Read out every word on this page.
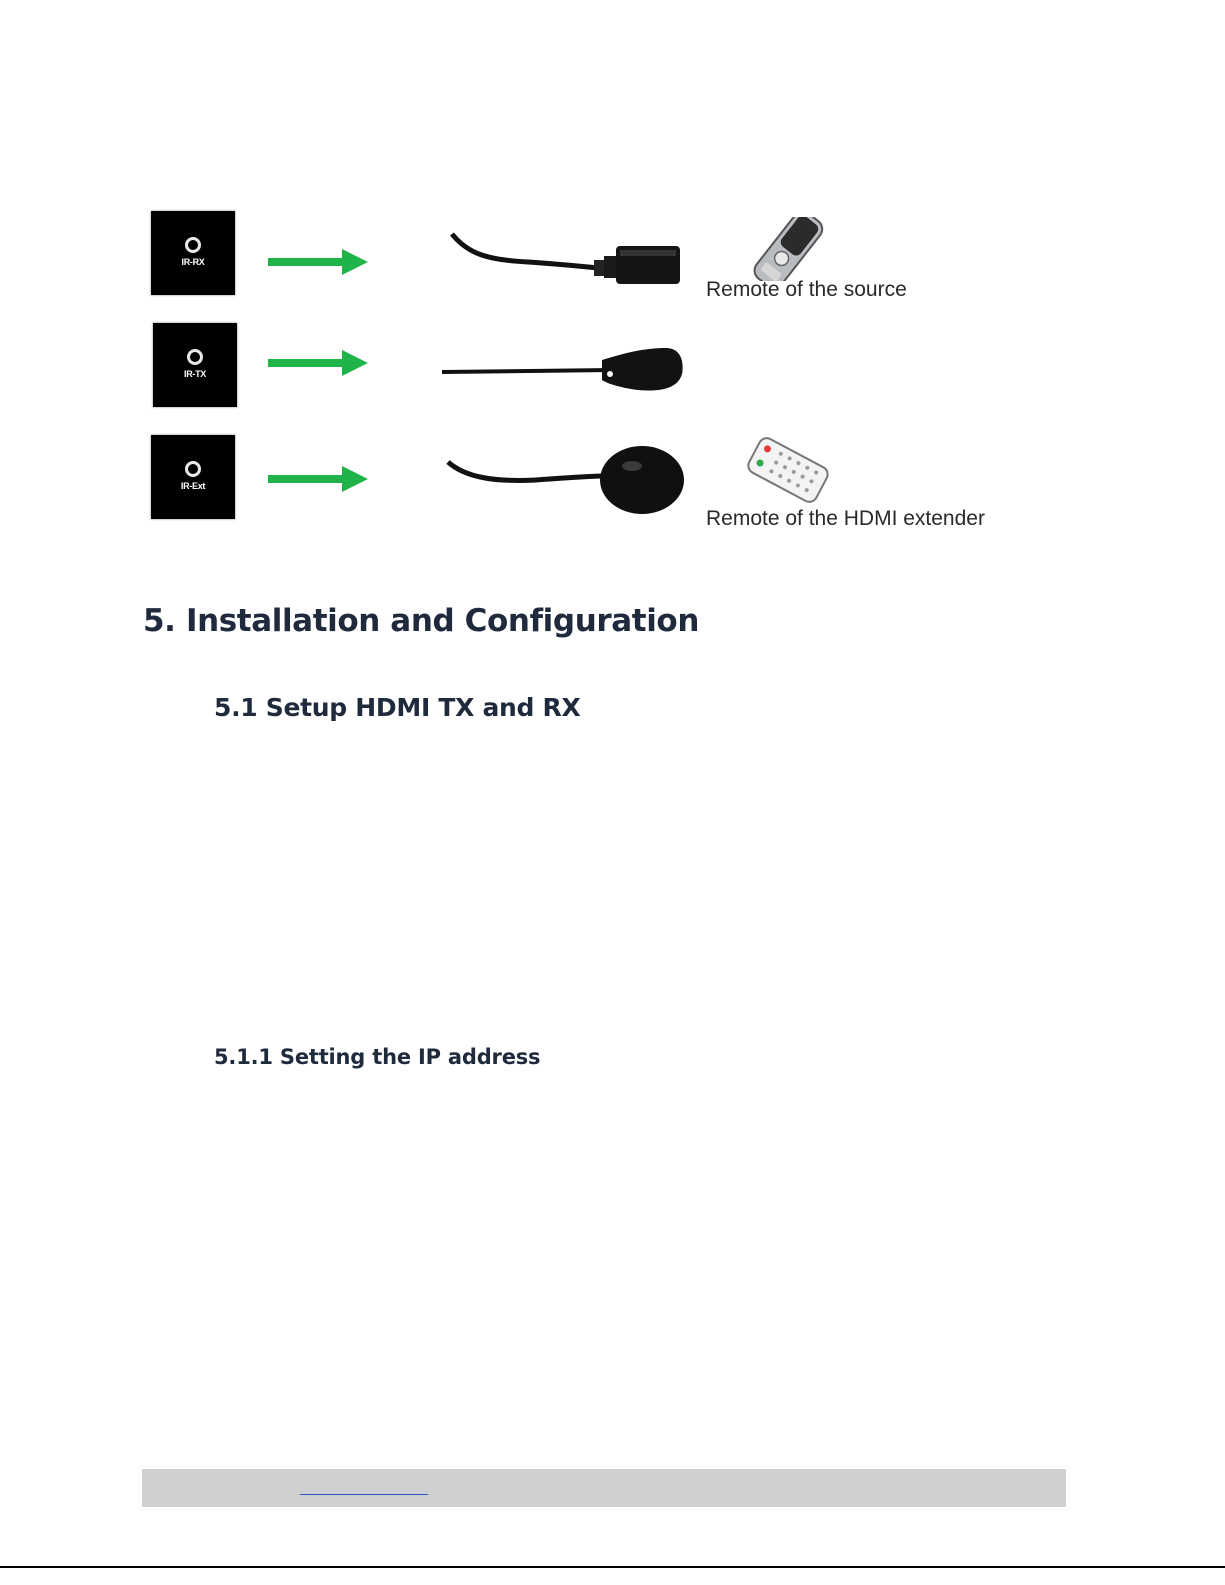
IR-RX
Remote of the source
IR-TX
IR-Ext
Remote of the HDMI extender
5. Installation and Configuration
5.1 Setup HDMI TX and RX
5.1.1 Setting the IP address
